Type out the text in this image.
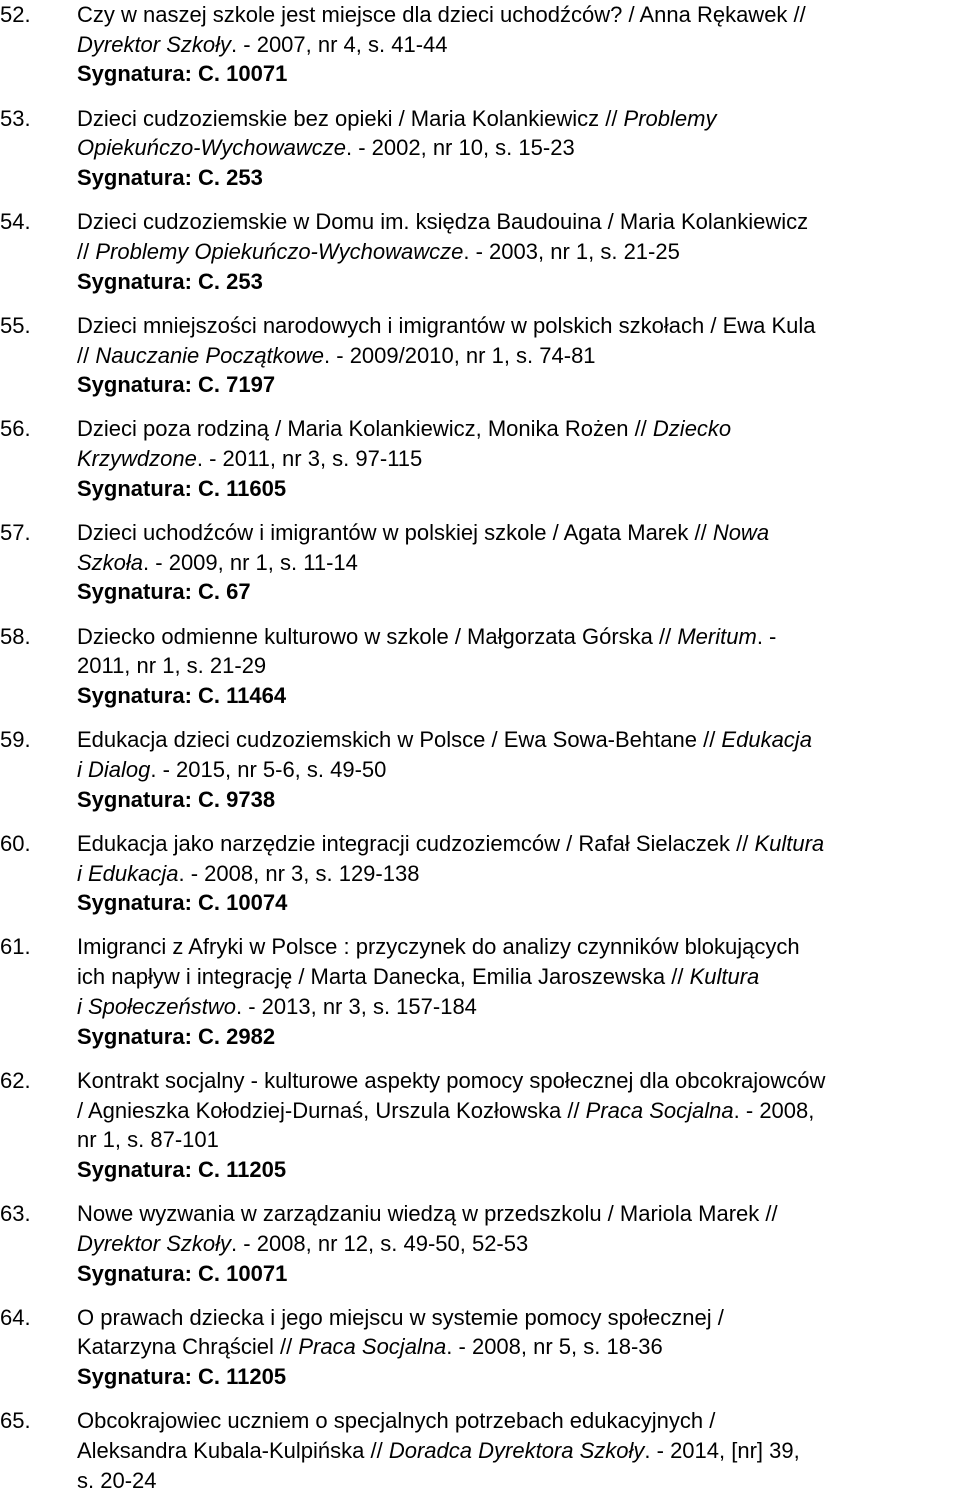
52. Czy w naszej szkole jest miejsce dla dzieci uchodźców? / Anna Rękawek //
Dyrektor Szkoły. - 2007, nr 4, s. 41-44
Sygnatura: C. 10071
53. Dzieci cudzoziemskie bez opieki / Maria Kolankiewicz // Problemy
Opiekuńczo-Wychowawcze. - 2002, nr 10, s. 15-23
Sygnatura: C. 253
54. Dzieci cudzoziemskie w Domu im. księdza Baudouina / Maria Kolankiewicz
// Problemy Opiekuńczo-Wychowawcze. - 2003, nr 1, s. 21-25
Sygnatura: C. 253
55. Dzieci mniejszości narodowych i imigrantów w polskich szkołach / Ewa Kula
// Nauczanie Początkowe. - 2009/2010, nr 1, s. 74-81
Sygnatura: C. 7197
56. Dzieci poza rodziną / Maria Kolankiewicz, Monika Rożen // Dziecko
Krzywdzone. - 2011, nr 3, s. 97-115
Sygnatura: C. 11605
57. Dzieci uchodźców i imigrantów w polskiej szkole / Agata Marek // Nowa
Szkoła. - 2009, nr 1, s. 11-14
Sygnatura: C. 67
58. Dziecko odmienne kulturowo w szkole / Małgorzata Górska // Meritum. -
2011, nr 1, s. 21-29
Sygnatura: C. 11464
59. Edukacja dzieci cudzoziemskich w Polsce / Ewa Sowa-Behtane // Edukacja
i Dialog. - 2015, nr 5-6, s. 49-50
Sygnatura: C. 9738
60. Edukacja jako narzędzie integracji cudzoziemców / Rafał Sielaczek // Kultura
i Edukacja. - 2008, nr 3, s. 129-138
Sygnatura: C. 10074
61. Imigranci z Afryki w Polsce : przyczynek do analizy czynników blokujących
ich napływ i integrację / Marta Danecka, Emilia Jaroszewska // Kultura
i Społeczeństwo. - 2013, nr 3, s. 157-184
Sygnatura: C. 2982
62. Kontrakt socjalny - kulturowe aspekty pomocy społecznej dla obcokrajowców
/ Agnieszka Kołodziej-Durnaś, Urszula Kozłowska // Praca Socjalna. - 2008,
nr 1, s. 87-101
Sygnatura: C. 11205
63. Nowe wyzwania w zarządzaniu wiedzą w przedszkolu / Mariola Marek //
Dyrektor Szkoły. - 2008, nr 12, s. 49-50, 52-53
Sygnatura: C. 10071
64. O prawach dziecka i jego miejscu w systemie pomocy społecznej /
Katarzyna Chrąściel // Praca Socjalna. - 2008, nr 5, s. 18-36
Sygnatura: C. 11205
65. Obcokrajowiec uczniem o specjalnych potrzebach edukacyjnych /
Aleksandra Kubala-Kulpińska // Doradca Dyrektora Szkoły. - 2014, [nr] 39,
s. 20-24
